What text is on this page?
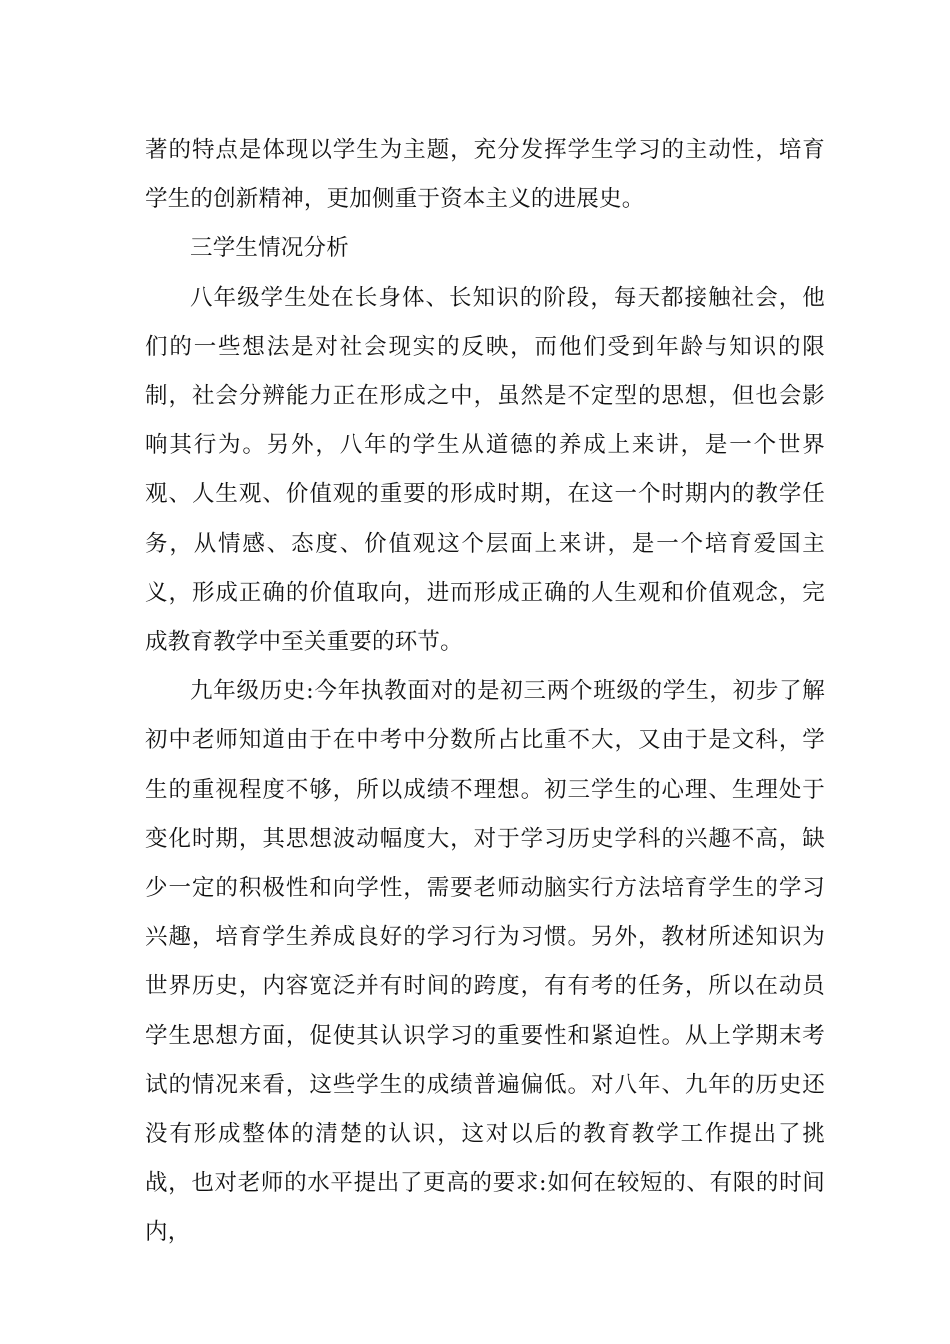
著的特点是体现以学生为主题，充分发挥学生学习的主动性，培育学生的创新精神，更加侧重于资本主义的进展史。

三学生情况分析

八年级学生处在长身体、长知识的阶段，每天都接触社会，他们的一些想法是对社会现实的反映，而他们受到年龄与知识的限制，社会分辨能力正在形成之中，虽然是不定型的思想，但也会影响其行为。另外，八年的学生从道德的养成上来讲，是一个世界观、人生观、价值观的重要的形成时期，在这一个时期内的教学任务，从情感、态度、价值观这个层面上来讲，是一个培育爱国主义，形成正确的价值取向，进而形成正确的人生观和价值观念，完成教育教学中至关重要的环节。

九年级历史:今年执教面对的是初三两个班级的学生，初步了解初中老师知道由于在中考中分数所占比重不大，又由于是文科，学生的重视程度不够，所以成绩不理想。初三学生的心理、生理处于变化时期，其思想波动幅度大，对于学习历史学科的兴趣不高，缺少一定的积极性和向学性，需要老师动脑实行方法培育学生的学习兴趣，培育学生养成良好的学习行为习惯。另外，教材所述知识为世界历史，内容宽泛并有时间的跨度，有有考的任务，所以在动员学生思想方面，促使其认识学习的重要性和紧迫性。从上学期末考试的情况来看，这些学生的成绩普遍偏低。对八年、九年的历史还没有形成整体的清楚的认识，这对以后的教育教学工作提出了挑战，也对老师的水平提出了更高的要求:如何在较短的、有限的时间内，
